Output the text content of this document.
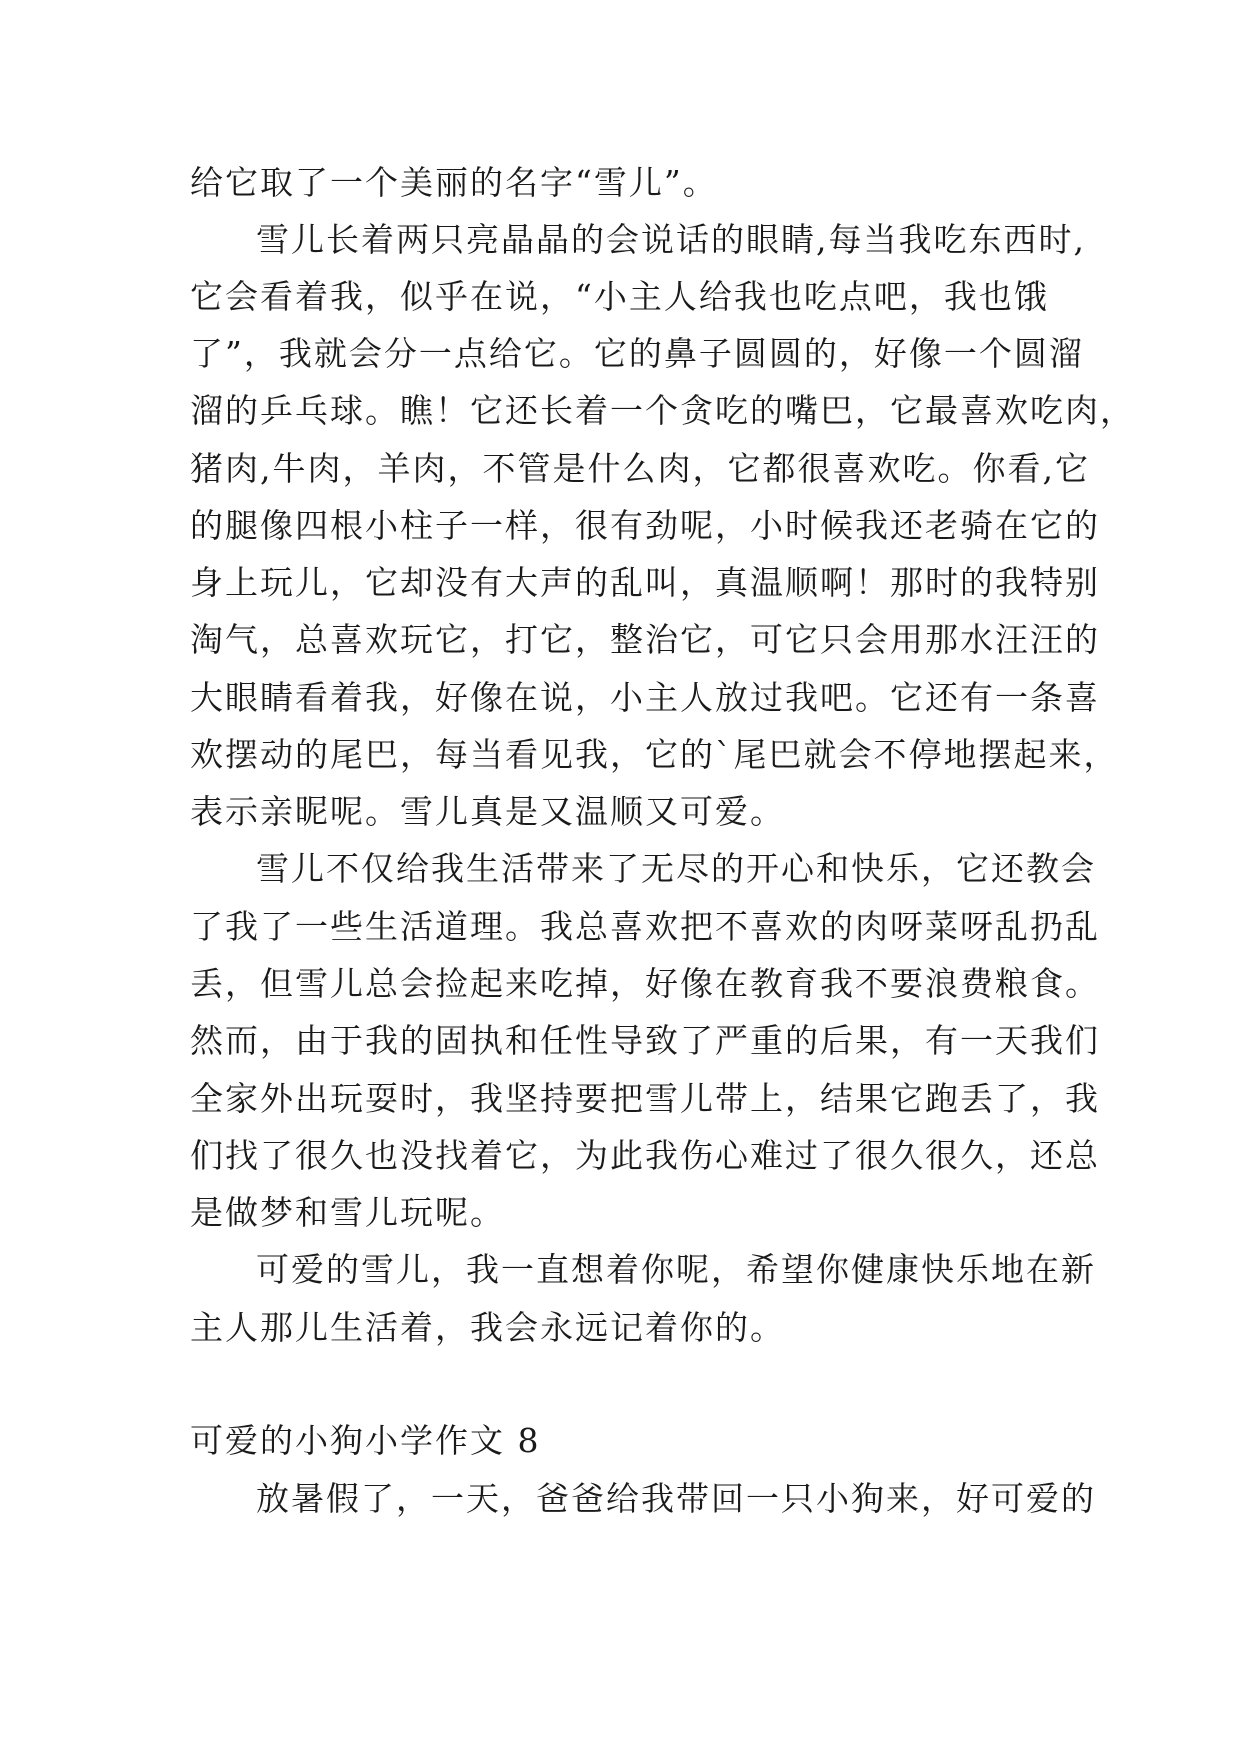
给它取了一个美丽的名字“雪儿”。
雪儿长着两只亮晶晶的会说话的眼睛,每当我吃东西时,
它会看着我，似乎在说，“小主人给我也吃点吧，我也饿
了”，我就会分一点给它。它的鼻子圆圆的，好像一个圆溜
溜的乒乓球。瞧！它还长着一个贪吃的嘴巴，它最喜欢吃肉，
猪肉,牛肉，羊肉，不管是什么肉，它都很喜欢吃。你看,它
的腿像四根小柱子一样，很有劲呢，小时候我还老骑在它的
身上玩儿，它却没有大声的乱叫，真温顺啊！那时的我特别
淘气，总喜欢玩它，打它，整治它，可它只会用那水汪汪的
大眼睛看着我，好像在说，小主人放过我吧。它还有一条喜
欢摆动的尾巴，每当看见我，它的`尾巴就会不停地摆起来，
表示亲昵呢。雪儿真是又温顺又可爱。
雪儿不仅给我生活带来了无尽的开心和快乐，它还教会
了我了一些生活道理。我总喜欢把不喜欢的肉呀菜呀乱扔乱
丢，但雪儿总会捡起来吃掉，好像在教育我不要浪费粮食。
然而，由于我的固执和任性导致了严重的后果，有一天我们
全家外出玩耍时，我坚持要把雪儿带上，结果它跑丢了，我
们找了很久也没找着它，为此我伤心难过了很久很久，还总
是做梦和雪儿玩呢。
可爱的雪儿，我一直想着你呢，希望你健康快乐地在新
主人那儿生活着，我会永远记着你的。
可爱的小狗小学作文 8
放暑假了，一天，爸爸给我带回一只小狗来，好可爱的
